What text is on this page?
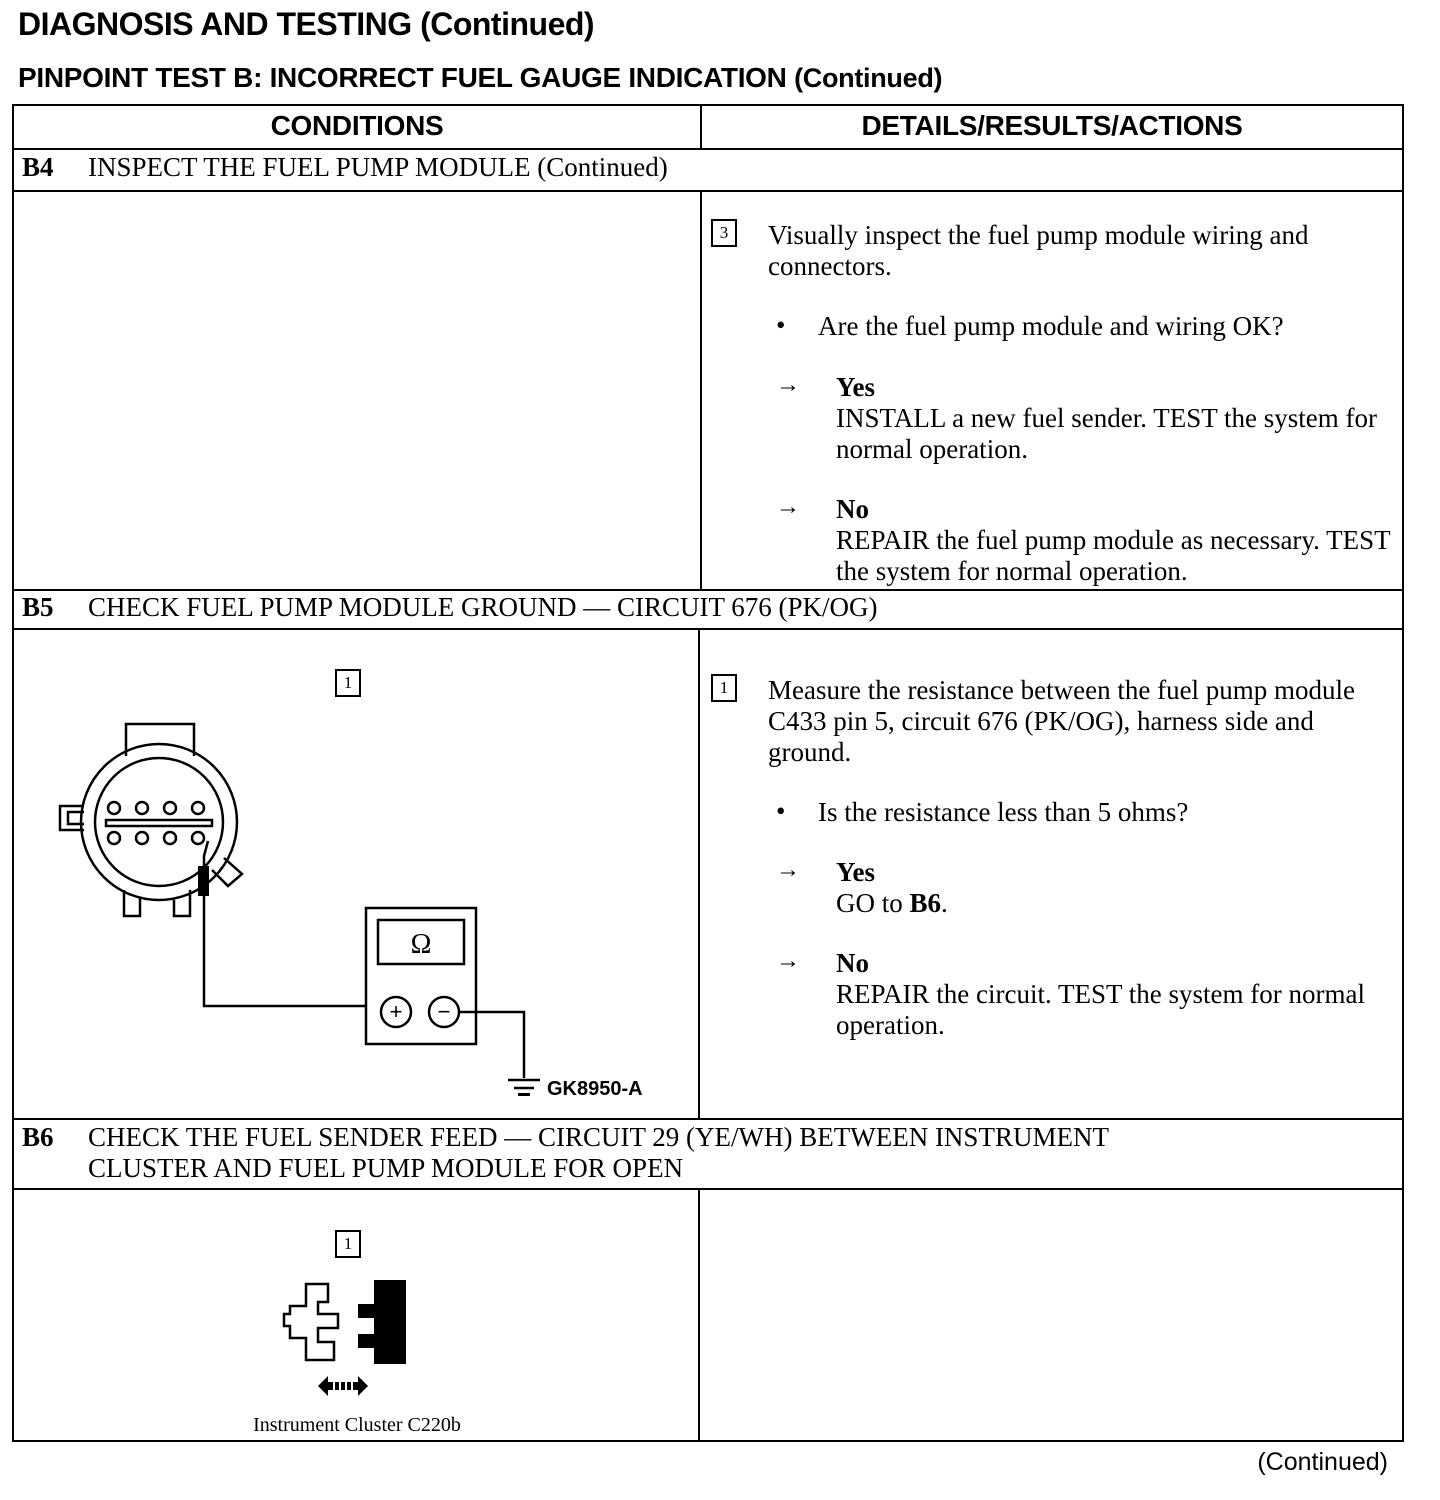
DIAGNOSIS AND TESTING (Continued)
PINPOINT TEST B: INCORRECT FUEL GAUGE INDICATION (Continued)
CONDITIONS	DETAILS/RESULTS/ACTIONS
B4 INSPECT THE FUEL PUMP MODULE (Continued)
3	Visually inspect the fuel pump module wiring and connectors.
• Are the fuel pump module and wiring OK?
→ Yes
INSTALL a new fuel sender. TEST the system for normal operation.
→ No
REPAIR the fuel pump module as necessary. TEST the system for normal operation.
B5 CHECK FUEL PUMP MODULE GROUND — CIRCUIT 676 (PK/OG)
1
Ω
+ −
GK8950-A
1	Measure the resistance between the fuel pump module C433 pin 5, circuit 676 (PK/OG), harness side and ground.
• Is the resistance less than 5 ohms?
→ Yes
GO to B6.
→ No
REPAIR the circuit. TEST the system for normal operation.
B6 CHECK THE FUEL SENDER FEED — CIRCUIT 29 (YE/WH) BETWEEN INSTRUMENT
CLUSTER AND FUEL PUMP MODULE FOR OPEN
1
Instrument Cluster C220b
(Continued)
